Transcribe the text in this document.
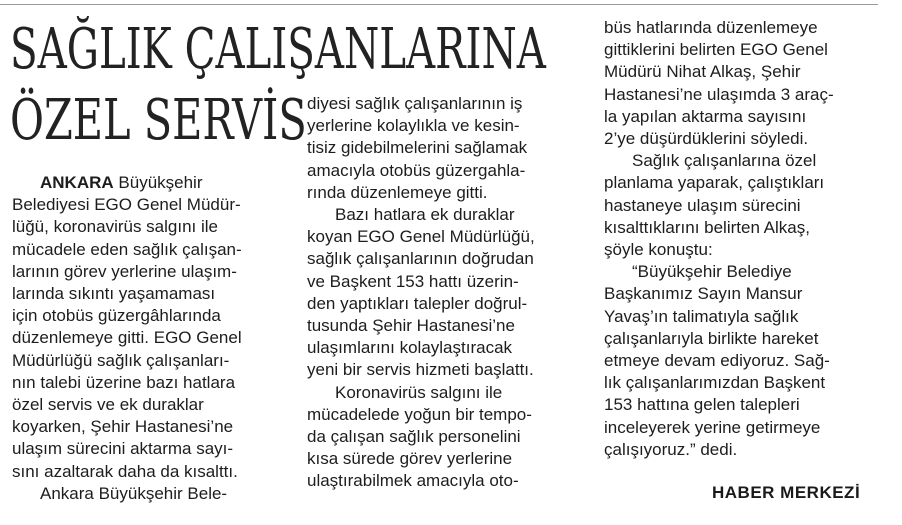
SAĞLIK ÇALIŞANLARINA
ÖZEL SERVİS
ANKARA Büyükşehir
Belediyesi EGO Genel Müdür-
lüğü, koronavirüs salgını ile
mücadele eden sağlık çalışan-
larının görev yerlerine ulaşım-
larında sıkıntı yaşamaması
için otobüs güzergâhlarında
düzenlemeye gitti. EGO Genel
Müdürlüğü sağlık çalışanları-
nın talebi üzerine bazı hatlara
özel servis ve ek duraklar
koyarken, Şehir Hastanesi’ne
ulaşım sürecini aktarma sayı-
sını azaltarak daha da kısalttı.
Ankara Büyükşehir Bele-
diyesi sağlık çalışanlarının iş
yerlerine kolaylıkla ve kesin-
tisiz gidebilmelerini sağlamak
amacıyla otobüs güzergahla-
rında düzenlemeye gitti.
Bazı hatlara ek duraklar
koyan EGO Genel Müdürlüğü,
sağlık çalışanlarının doğrudan
ve Başkent 153 hattı üzerin-
den yaptıkları talepler doğrul-
tusunda Şehir Hastanesi’ne
ulaşımlarını kolaylaştıracak
yeni bir servis hizmeti başlattı.
Koronavirüs salgını ile
mücadelede yoğun bir tempo-
da çalışan sağlık personelini
kısa sürede görev yerlerine
ulaştırabilmek amacıyla oto-
büs hatlarında düzenlemeye
gittiklerini belirten EGO Genel
Müdürü Nihat Alkaş, Şehir
Hastanesi’ne ulaşımda 3 araç-
la yapılan aktarma sayısını
2’ye düşürdüklerini söyledi.
Sağlık çalışanlarına özel
planlama yaparak, çalıştıkları
hastaneye ulaşım sürecini
kısalttıklarını belirten Alkaş,
şöyle konuştu:
“Büyükşehir Belediye
Başkanımız Sayın Mansur
Yavaş’ın talimatıyla sağlık
çalışanlarıyla birlikte hareket
etmeye devam ediyoruz. Sağ-
lık çalışanlarımızdan Başkent
153 hattına gelen talepleri
inceleyerek yerine getirmeye
çalışıyoruz.” dedi.
HABER MERKEZİ
